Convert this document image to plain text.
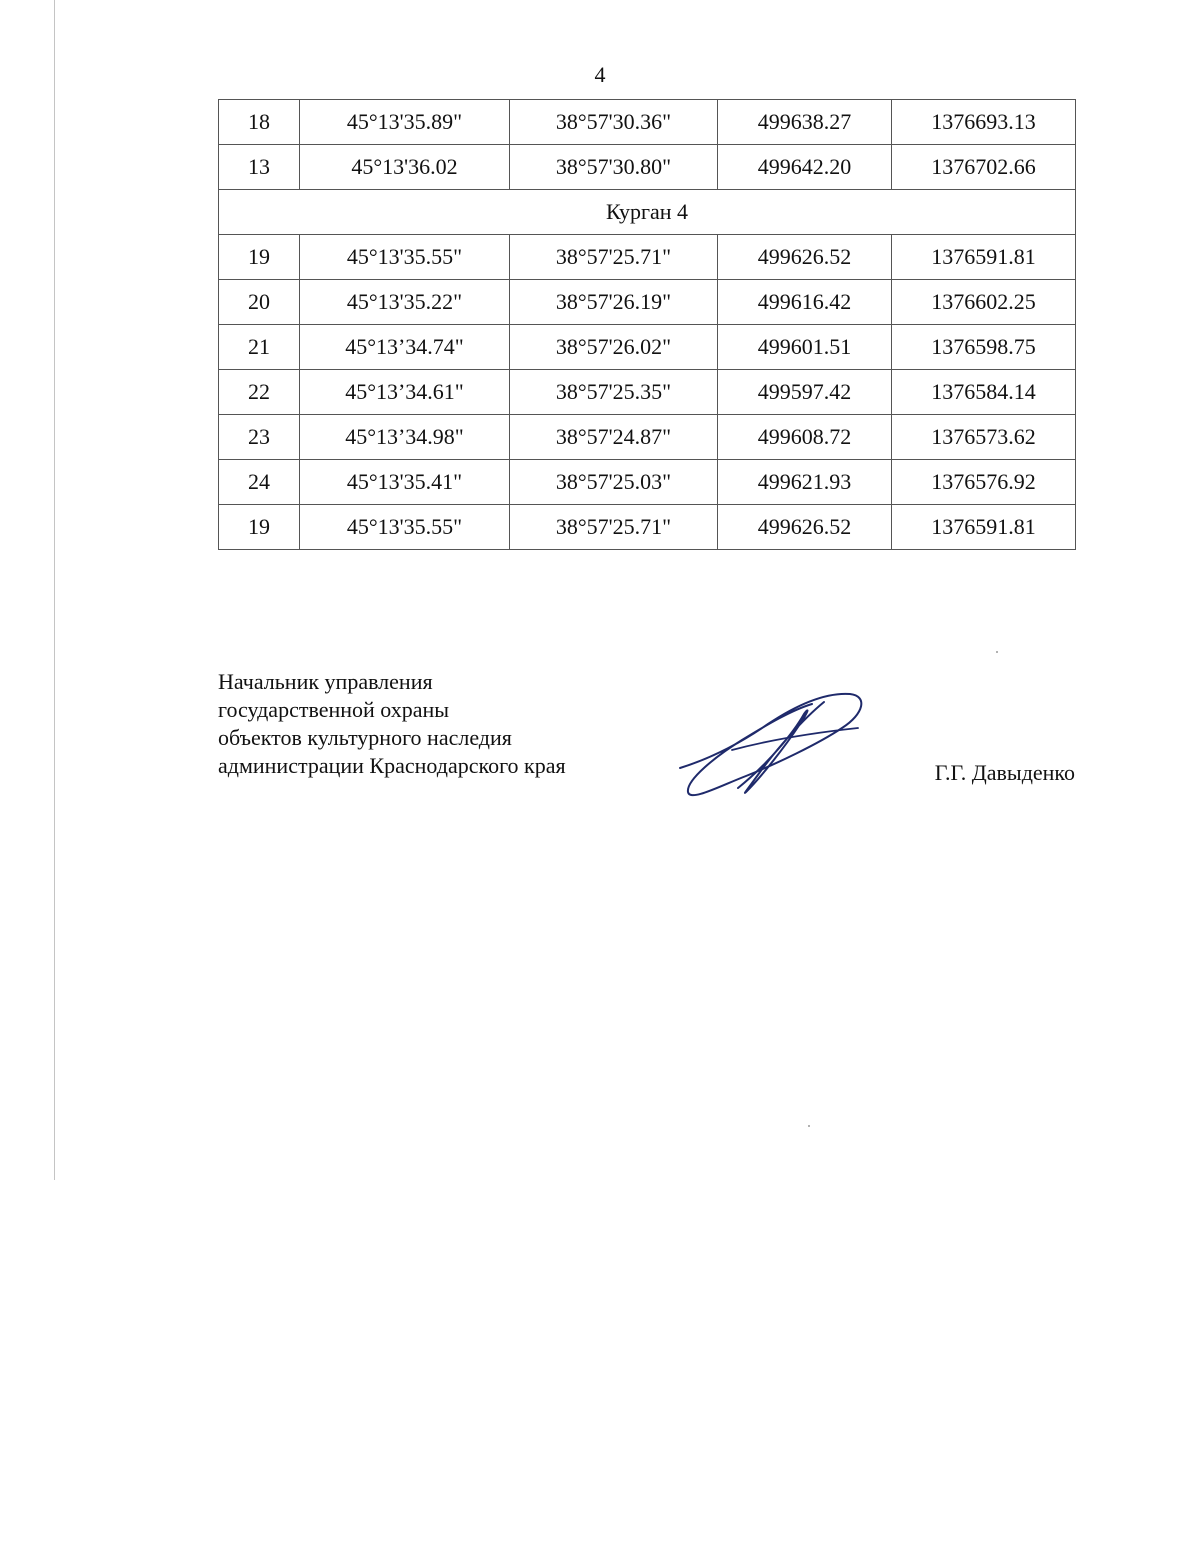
4
18	45°13'35.89"	38°57'30.36"	499638.27	1376693.13
13	45°13'36.02	38°57'30.80"	499642.20	1376702.66
Курган 4				
19	45°13'35.55"	38°57'25.71"	499626.52	1376591.81
20	45°13'35.22"	38°57'26.19"	499616.42	1376602.25
21	45°13’34.74"	38°57'26.02"	499601.51	1376598.75
22	45°13’34.61"	38°57'25.35"	499597.42	1376584.14
23	45°13’34.98"	38°57'24.87"	499608.72	1376573.62
24	45°13'35.41"	38°57'25.03"	499621.93	1376576.92
19	45°13'35.55"	38°57'25.71"	499626.52	1376591.81
Начальник управления
государственной охраны
объектов культурного наследия
администрации Краснодарского края	Г.Г. Давыденко
